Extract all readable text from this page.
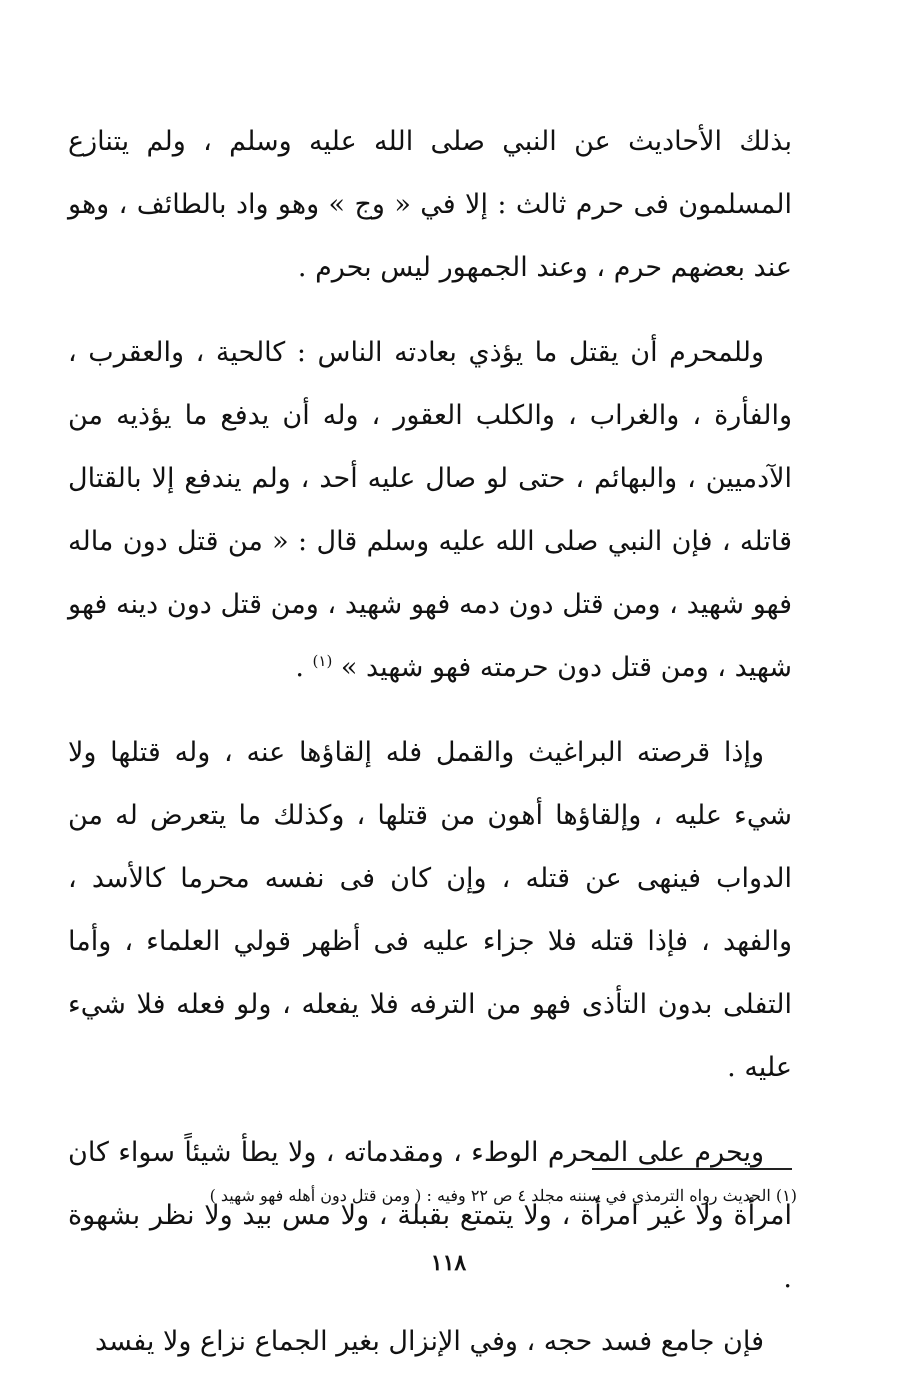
بذلك الأحاديث عن النبي صلى الله عليه وسلم ، ولم يتنازع المسلمون فى حرم ثالث : إلا في « وج » وهو واد بالطائف ، وهو عند بعضهم حرم ، وعند الجمهور ليس بحرم .

وللمحرم أن يقتل ما يؤذي بعادته الناس : كالحية ، والعقرب ، والفأرة ، والغراب ، والكلب العقور ، وله أن يدفع ما يؤذيه من الآدميين ، والبهائم ، حتى لو صال عليه أحد ، ولم يندفع إلا بالقتال قاتله ، فإن النبي صلى الله عليه وسلم قال : « من قتل دون ماله فهو شهيد ، ومن قتل دون دمه فهو شهيد ، ومن قتل دون دينه فهو شهيد ، ومن قتل دون حرمته فهو شهيد » $^{(١)}$ .

وإذا قرصته البراغيث والقمل فله إلقاؤها عنه ، وله قتلها ولا شيء عليه ، وإلقاؤها أهون من قتلها ، وكذلك ما يتعرض له من الدواب فينهى عن قتله ، وإن كان فى نفسه محرما كالأسد ، والفهد ، فإذا قتله فلا جزاء عليه فى أظهر قولي العلماء ، وأما التفلى بدون التأذى فهو من الترفه فلا يفعله ، ولو فعله فلا شيء عليه .

ويحرم على المحرم الوطء ، ومقدماته ، ولا يطأ شيئاً سواء كان امرأة ولا غير امرأة ، ولا يتمتع بقبلة ، ولا مس بيد ولا نظر بشهوة .

فإن جامع فسد حجه ، وفي الإنزال بغير الجماع نزاع ولا يفسد

(١) الحديث رواه الترمذي في سننه مجلد ٤ ص ٢٢ وفيه : ( ومن قتل دون أهله فهو شهيد )
١١٨
